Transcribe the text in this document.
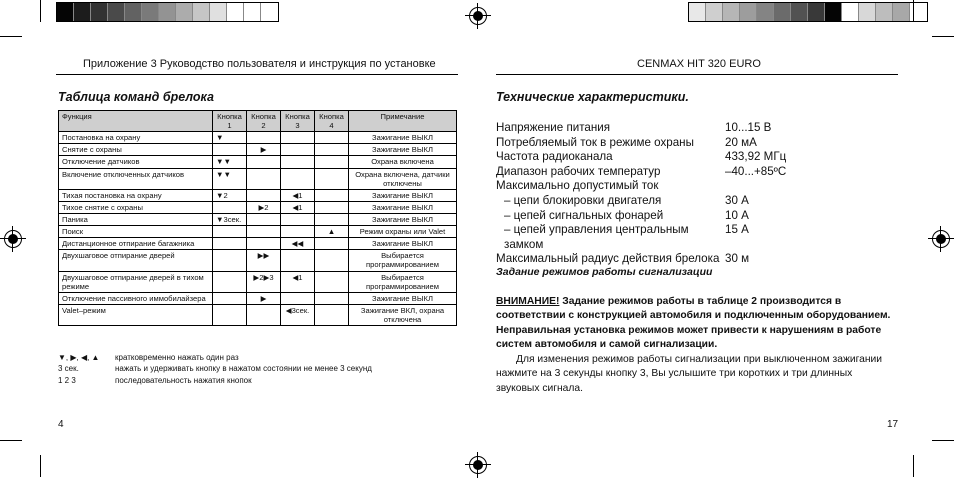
Приложение 3 Руководство пользователя и инструкция по установке
Таблица команд брелока
Функция	Кнопка 1	Кнопка 2	Кнопка 3	Кнопка 4	Примечание
Постановка на охрану	▼				Зажигание ВЫКЛ
Снятие с охраны		▶			Зажигание ВЫКЛ
Отключение датчиков	▼▼				Охрана включена
Включение отключенных датчиков	▼▼				Охрана включена, датчики отключены
Тихая постановка на охрану	▼2		◀1		Зажигание ВЫКЛ
Тихое снятие с охраны		▶2	◀1		Зажигание ВЫКЛ
Паника	▼3сек.				Зажигание ВЫКЛ
Поиск				▲	Режим охраны или Valet
Дистанционное отпирание багажника			◀◀		Зажигание ВЫКЛ
Двухшаговое отпирание дверей		▶▶			Выбирается программированием
Двухшаговое отпирание дверей в тихом режиме		▶2▶3	◀1		Выбирается программированием
Отключение пассивного иммобилайзера		▶			Зажигание ВЫКЛ
Valet–режим			◀3сек.		Зажигание ВКЛ, охрана отключена
▼, ▶, ◀, ▲	кратковременно нажать один раз
3 сек.	нажать и удерживать кнопку в нажатом состоянии не менее 3 секунд
1 2 3	последовательность нажатия кнопок
4
CENMAX HIT 320 EURO
Технические характеристики.
Напряжение питания	10...15 В
Потребляемый ток в режиме охраны	20 мА
Частота радиоканала	433,92 МГц
Диапазон рабочих температур	–40...+85ºС
Максимально допустимый ток
– цепи блокировки двигателя	30 А
– цепей сигнальных фонарей	10 А
– цепей управления центральным замком
15 А
Максимальный радиус действия брелока 30 м
Задание режимов работы сигнализации
ВНИМАНИЕ! Задание режимов работы в таблице 2 производится в соответствии с конструкцией автомобиля и подключенным оборудованием. Неправильная установка режимов может привести к нарушениям в работе систем автомобиля и самой сигнализации.
Для изменения режимов работы сигнализации при выключенном зажигании нажмите на 3 секунды кнопку 3, Вы услышите три коротких и три длинных звуковых сигнала.
17
